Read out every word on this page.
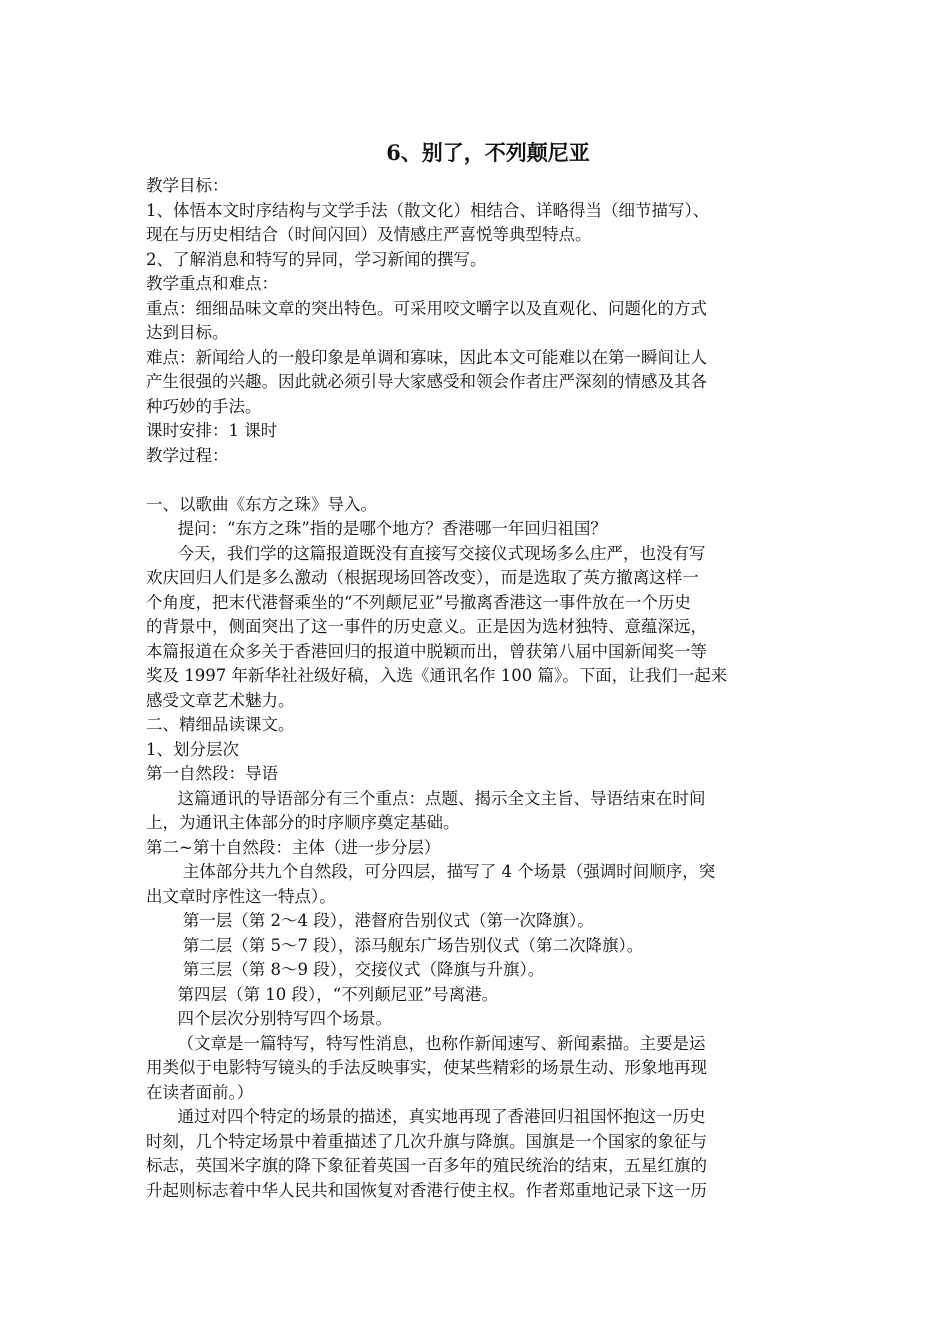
6、别了，不列颠尼亚

教学目标：

1、体悟本文时序结构与文学手法（散文化）相结合、详略得当（细节描写）、

现在与历史相结合（时间闪回）及情感庄严喜悦等典型特点。

2、了解消息和特写的异同，学习新闻的撰写。

教学重点和难点：

重点：细细品味文章的突出特色。可采用咬文嚼字以及直观化、问题化的方式

达到目标。

难点：新闻给人的一般印象是单调和寡味，因此本文可能难以在第一瞬间让人

产生很强的兴趣。因此就必须引导大家感受和领会作者庄严深刻的情感及其各

种巧妙的手法。

课时安排：1 课时

教学过程：

一、以歌曲《东方之珠》导入。

提问：“东方之珠”指的是哪个地方？香港哪一年回归祖国？

今天，我们学的这篇报道既没有直接写交接仪式现场多么庄严，也没有写

欢庆回归人们是多么激动（根据现场回答改变），而是选取了英方撤离这样一

个角度，把末代港督乘坐的“不列颠尼亚”号撤离香港这一事件放在一个历史

的背景中，侧面突出了这一事件的历史意义。正是因为选材独特、意蕴深远，

本篇报道在众多关于香港回归的报道中脱颖而出，曾获第八届中国新闻奖一等

奖及 1997 年新华社社级好稿，入选《通讯名作 100 篇》。下面，让我们一起来

感受文章艺术魅力。

二、精细品读课文。

1、划分层次

第一自然段：导语

这篇通讯的导语部分有三个重点：点题、揭示全文主旨、导语结束在时间

上，为通讯主体部分的时序顺序奠定基础。

第二~第十自然段：主体（进一步分层）

主体部分共九个自然段，可分四层，描写了 4 个场景（强调时间顺序，突

出文章时序性这一特点）。

第一层（第 2～4 段），港督府告别仪式（第一次降旗）。

第二层（第 5～7 段），添马舰东广场告别仪式（第二次降旗）。

第三层（第 8～9 段），交接仪式（降旗与升旗）。

第四层（第 10 段），“不列颠尼亚”号离港。

四个层次分别特写四个场景。

（文章是一篇特写，特写性消息，也称作新闻速写、新闻素描。主要是运

用类似于电影特写镜头的手法反映事实，使某些精彩的场景生动、形象地再现

在读者面前。）

通过对四个特定的场景的描述，真实地再现了香港回归祖国怀抱这一历史

时刻，几个特定场景中着重描述了几次升旗与降旗。国旗是一个国家的象征与

标志，英国米字旗的降下象征着英国一百多年的殖民统治的结束，五星红旗的

升起则标志着中华人民共和国恢复对香港行使主权。作者郑重地记录下这一历
